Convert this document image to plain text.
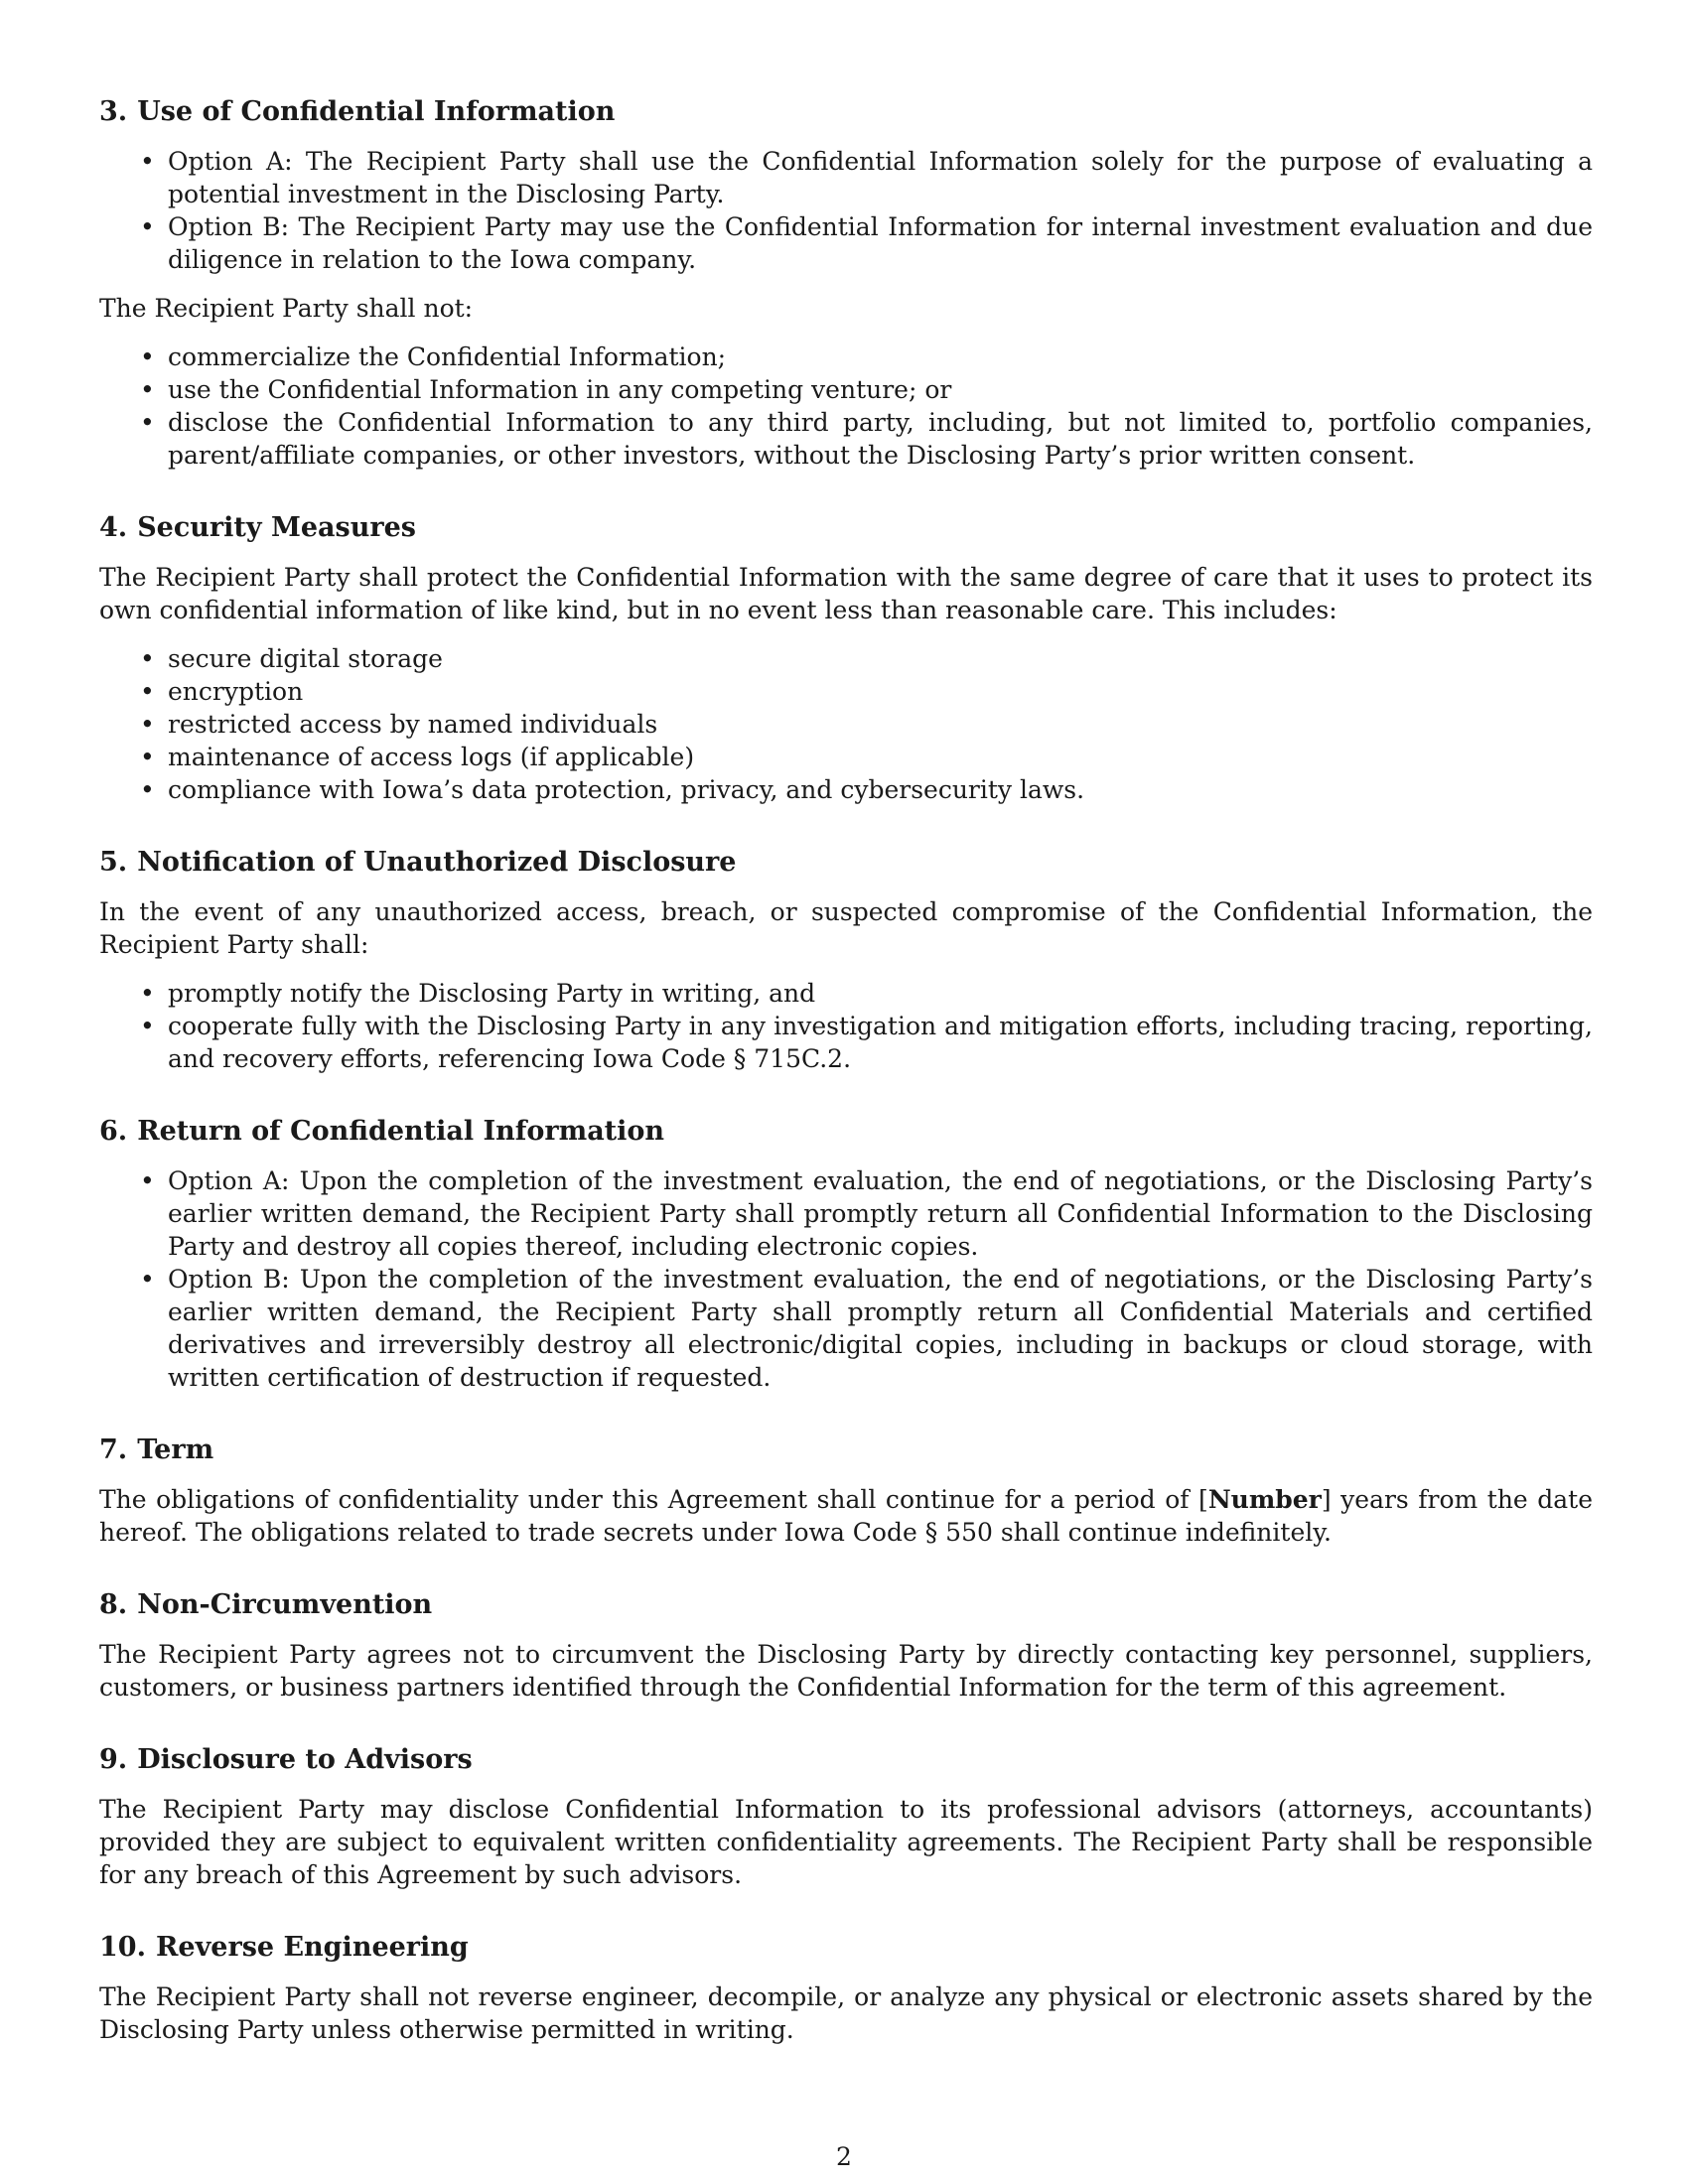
3. Use of Confidential Information
• Option A: The Recipient Party shall use the Confidential Information solely for the purpose of evaluating a potential investment in the Disclosing Party.
• Option B: The Recipient Party may use the Confidential Information for internal investment evaluation and due diligence in relation to the Iowa company.

The Recipient Party shall not:

• commercialize the Confidential Information;
• use the Confidential Information in any competing venture; or
• disclose the Confidential Information to any third party, including, but not limited to, portfolio companies, parent/affiliate companies, or other investors, without the Disclosing Party’s prior written consent.
4. Security Measures

The Recipient Party shall protect the Confidential Information with the same degree of care that it uses to protect its own confidential information of like kind, but in no event less than reasonable care. This includes:

• secure digital storage
• encryption
• restricted access by named individuals
• maintenance of access logs (if applicable)
• compliance with Iowa’s data protection, privacy, and cybersecurity laws.
5. Notification of Unauthorized Disclosure

In the event of any unauthorized access, breach, or suspected compromise of the Confidential Information, the Recipient Party shall:

• promptly notify the Disclosing Party in writing, and
• cooperate fully with the Disclosing Party in any investigation and mitigation efforts, including tracing, reporting, and recovery efforts, referencing Iowa Code § 715C.2.
6. Return of Confidential Information
• Option A: Upon the completion of the investment evaluation, the end of negotiations, or the Disclosing Party’s earlier written demand, the Recipient Party shall promptly return all Confidential Information to the Disclosing Party and destroy all copies thereof, including electronic copies.
• Option B: Upon the completion of the investment evaluation, the end of negotiations, or the Disclosing Party’s earlier written demand, the Recipient Party shall promptly return all Confidential Materials and certified derivatives and irreversibly destroy all electronic/digital copies, including in backups or cloud storage, with written certification of destruction if requested.
7. Term

The obligations of confidentiality under this Agreement shall continue for a period of [Number] years from the date hereof. The obligations related to trade secrets under Iowa Code § 550 shall continue indefinitely.

8. Non-Circumvention

The Recipient Party agrees not to circumvent the Disclosing Party by directly contacting key personnel, suppliers, customers, or business partners identified through the Confidential Information for the term of this agreement.

9. Disclosure to Advisors

The Recipient Party may disclose Confidential Information to its professional advisors (attorneys, accountants) provided they are subject to equivalent written confidentiality agreements. The Recipient Party shall be responsible for any breach of this Agreement by such advisors.

10. Reverse Engineering

The Recipient Party shall not reverse engineer, decompile, or analyze any physical or electronic assets shared by the Disclosing Party unless otherwise permitted in writing.

2
